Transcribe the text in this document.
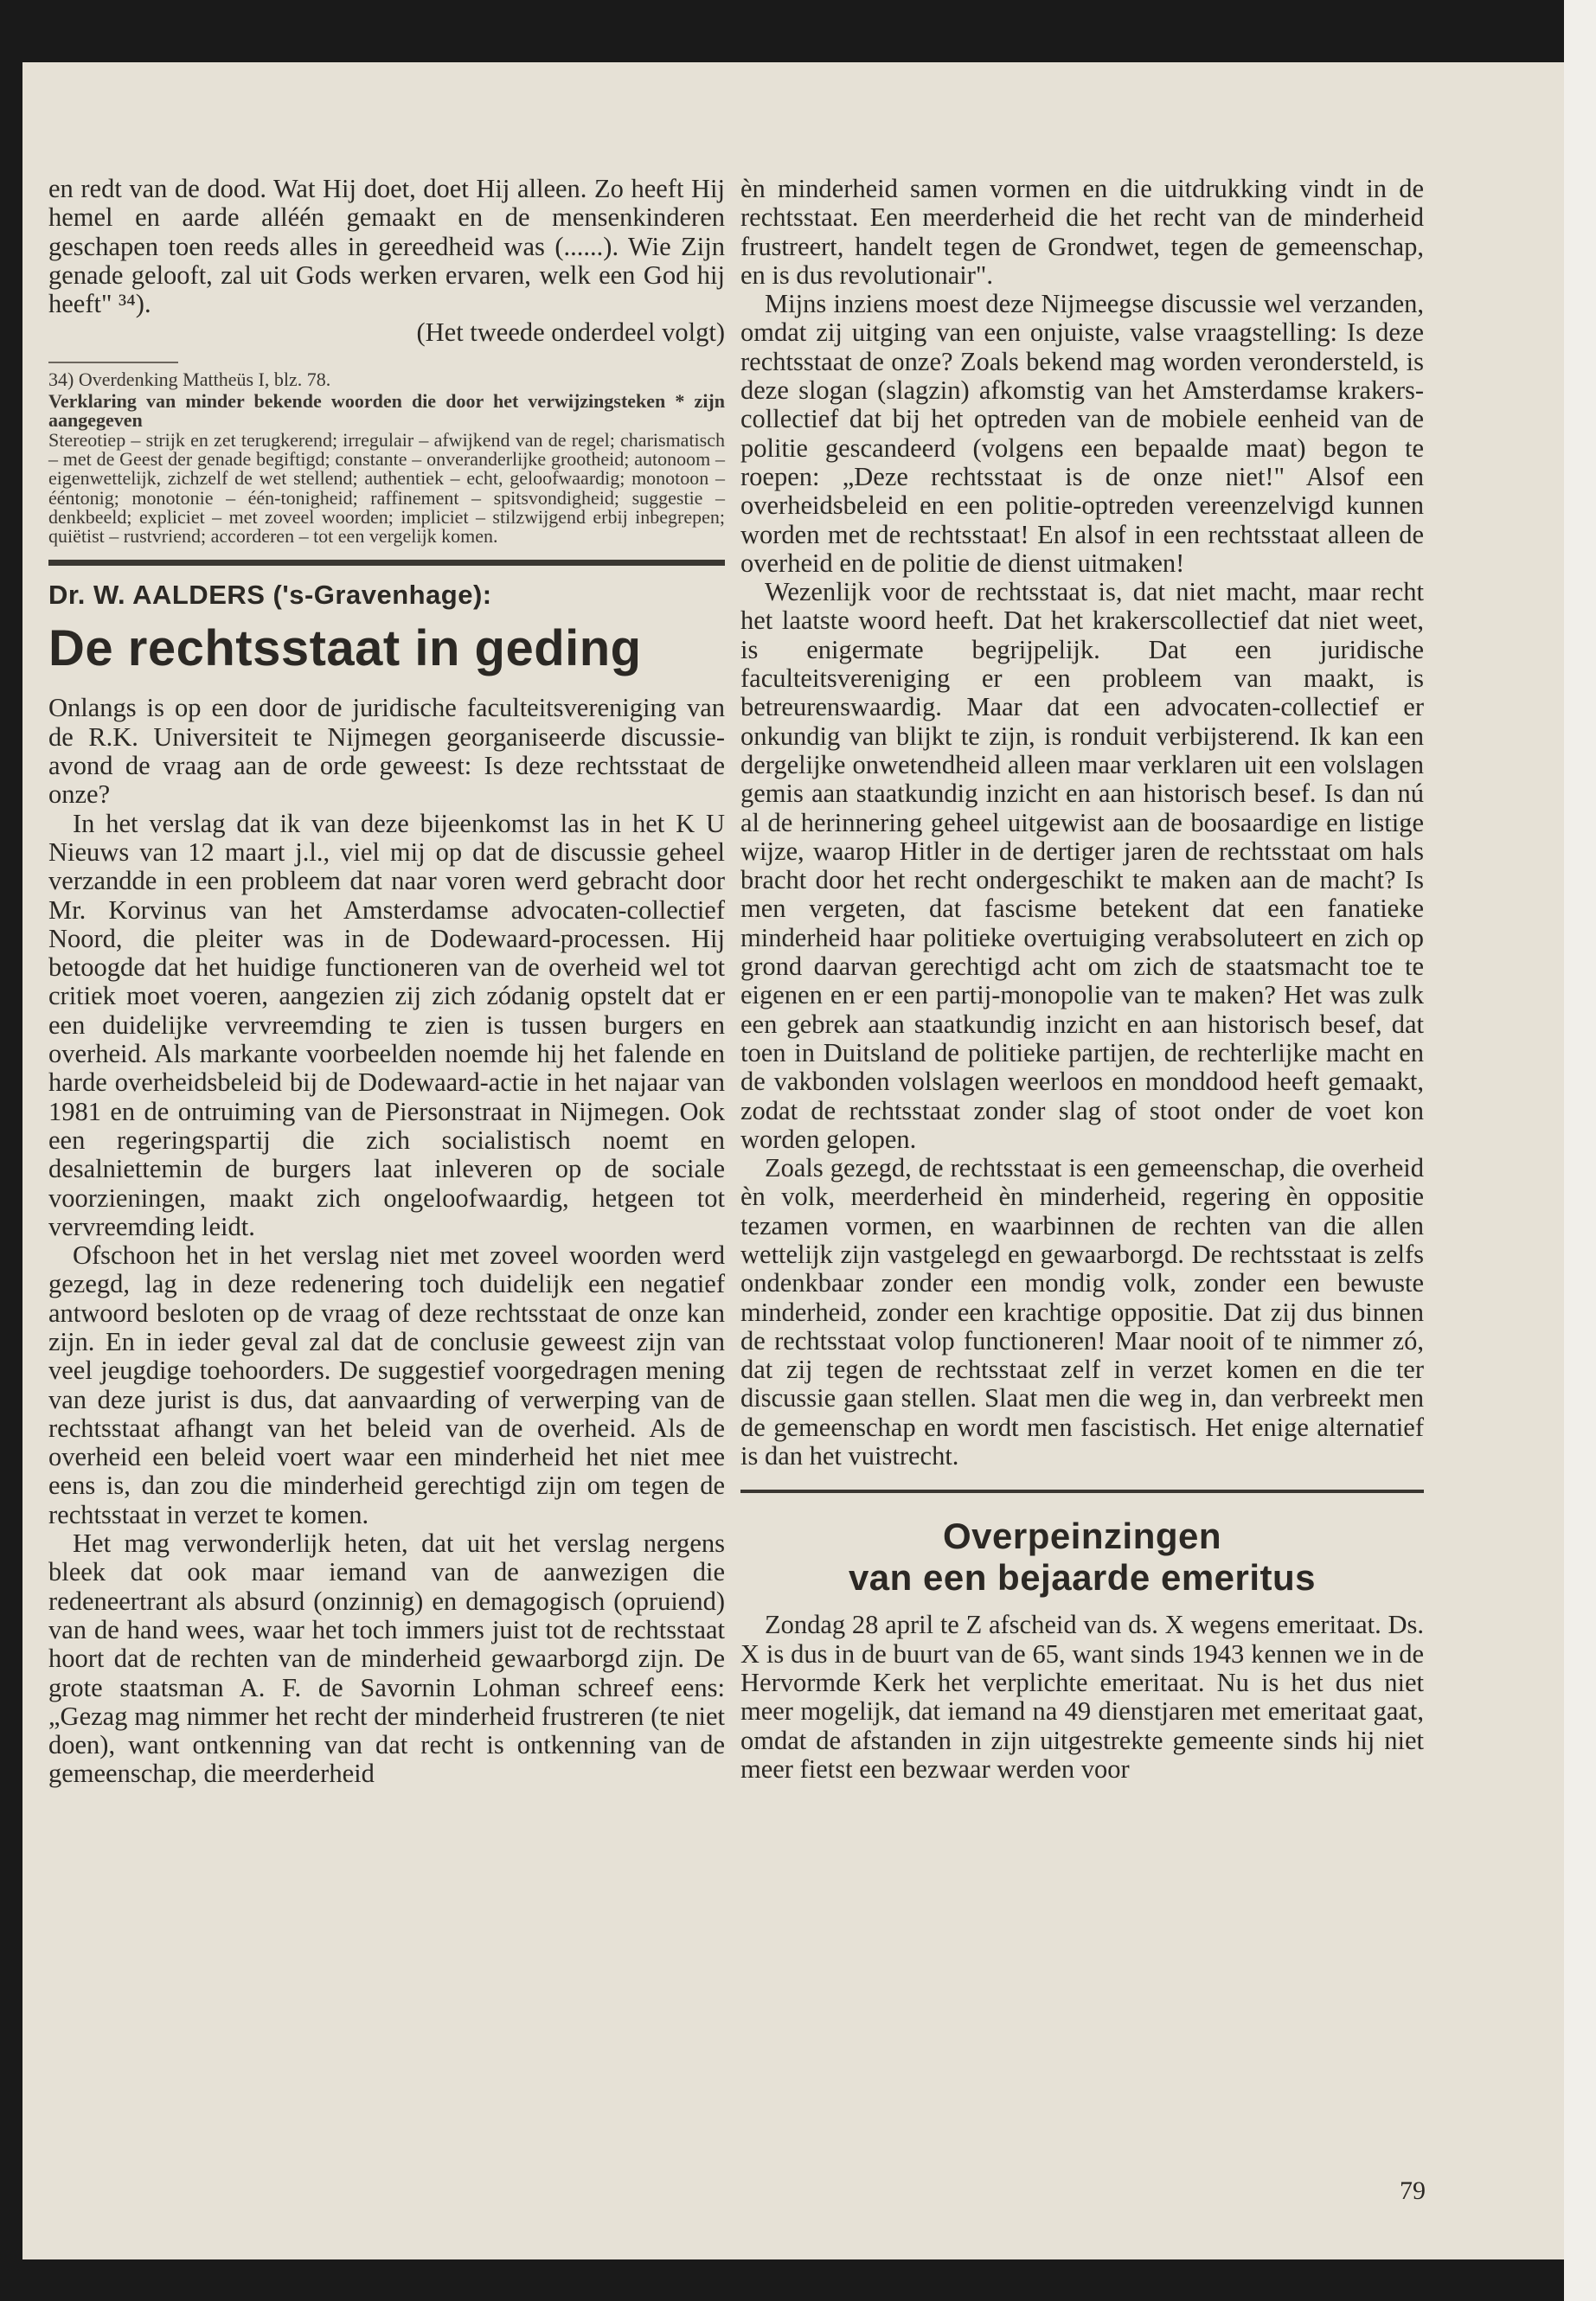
en redt van de dood. Wat Hij doet, doet Hij alleen. Zo heeft Hij hemel en aarde alléén gemaakt en de mensenkinderen geschapen toen reeds alles in gereedheid was (......). Wie Zijn genade gelooft, zal uit Gods werken ervaren, welk een God hij heeft" ³⁴).

(Het tweede onderdeel volgt)

34) Overdenking Mattheüs I, blz. 78.
Verklaring van minder bekende woorden die door het verwijzingsteken * zijn aangegeven
Stereotiep – strijk en zet terugkerend; irregulair – afwijkend van de regel; charismatisch – met de Geest der genade begiftigd; constante – onveranderlijke grootheid; autonoom – eigenwettelijk, zichzelf de wet stellend; authentiek – echt, geloofwaardig; monotoon – ééntonig; monotonie – één-tonigheid; raffinement – spitsvondigheid; suggestie – denkbeeld; expliciet – met zoveel woorden; impliciet – stilzwijgend erbij inbegrepen; quiëtist – rustvriend; accorderen – tot een vergelijk komen.
Dr. W. AALDERS ('s-Gravenhage):
De rechtsstaat in geding

Onlangs is op een door de juridische faculteitsvereniging van de R.K. Universiteit te Nijmegen georganiseerde discussie-avond de vraag aan de orde geweest: Is deze rechtsstaat de onze?

In het verslag dat ik van deze bijeenkomst las in het K U Nieuws van 12 maart j.l., viel mij op dat de discussie geheel verzandde in een probleem dat naar voren werd gebracht door Mr. Korvinus van het Amsterdamse advocaten-collectief Noord, die pleiter was in de Dodewaard-processen. Hij betoogde dat het huidige functioneren van de overheid wel tot critiek moet voeren, aangezien zij zich zódanig opstelt dat er een duidelijke vervreemding te zien is tussen burgers en overheid. Als markante voorbeelden noemde hij het falende en harde overheidsbeleid bij de Dodewaard-actie in het najaar van 1981 en de ontruiming van de Piersonstraat in Nijmegen. Ook een regeringspartij die zich socialistisch noemt en desalniettemin de burgers laat inleveren op de sociale voorzieningen, maakt zich ongeloofwaardig, hetgeen tot vervreemding leidt.

Ofschoon het in het verslag niet met zoveel woorden werd gezegd, lag in deze redenering toch duidelijk een negatief antwoord besloten op de vraag of deze rechtsstaat de onze kan zijn. En in ieder geval zal dat de conclusie geweest zijn van veel jeugdige toehoorders. De suggestief voorgedragen mening van deze jurist is dus, dat aanvaarding of verwerping van de rechtsstaat afhangt van het beleid van de overheid. Als de overheid een beleid voert waar een minderheid het niet mee eens is, dan zou die minderheid gerechtigd zijn om tegen de rechtsstaat in verzet te komen.

Het mag verwonderlijk heten, dat uit het verslag nergens bleek dat ook maar iemand van de aanwezigen die redeneertrant als absurd (onzinnig) en demagogisch (opruiend) van de hand wees, waar het toch immers juist tot de rechtsstaat hoort dat de rechten van de minderheid gewaarborgd zijn. De grote staatsman A. F. de Savornin Lohman schreef eens: „Gezag mag nimmer het recht der minderheid frustreren (te niet doen), want ontkenning van dat recht is ontkenning van de gemeenschap, die meerderheid

èn minderheid samen vormen en die uitdrukking vindt in de rechtsstaat. Een meerderheid die het recht van de minderheid frustreert, handelt tegen de Grondwet, tegen de gemeenschap, en is dus revolutionair".

Mijns inziens moest deze Nijmeegse discussie wel verzanden, omdat zij uitging van een onjuiste, valse vraagstelling: Is deze rechtsstaat de onze? Zoals bekend mag worden verondersteld, is deze slogan (slagzin) afkomstig van het Amsterdamse krakers-collectief dat bij het optreden van de mobiele eenheid van de politie gescandeerd (volgens een bepaalde maat) begon te roepen: „Deze rechtsstaat is de onze niet!" Alsof een overheidsbeleid en een politie-optreden vereenzelvigd kunnen worden met de rechtsstaat! En alsof in een rechtsstaat alleen de overheid en de politie de dienst uitmaken!

Wezenlijk voor de rechtsstaat is, dat niet macht, maar recht het laatste woord heeft. Dat het krakerscollectief dat niet weet, is enigermate begrijpelijk. Dat een juridische faculteitsvereniging er een probleem van maakt, is betreurenswaardig. Maar dat een advocaten-collectief er onkundig van blijkt te zijn, is ronduit verbijsterend. Ik kan een dergelijke onwetendheid alleen maar verklaren uit een volslagen gemis aan staatkundig inzicht en aan historisch besef. Is dan nú al de herinnering geheel uitgewist aan de boosaardige en listige wijze, waarop Hitler in de dertiger jaren de rechtsstaat om hals bracht door het recht ondergeschikt te maken aan de macht? Is men vergeten, dat fascisme betekent dat een fanatieke minderheid haar politieke overtuiging verabsoluteert en zich op grond daarvan gerechtigd acht om zich de staatsmacht toe te eigenen en er een partij-monopolie van te maken? Het was zulk een gebrek aan staatkundig inzicht en aan historisch besef, dat toen in Duitsland de politieke partijen, de rechterlijke macht en de vakbonden volslagen weerloos en monddood heeft gemaakt, zodat de rechtsstaat zonder slag of stoot onder de voet kon worden gelopen.

Zoals gezegd, de rechtsstaat is een gemeenschap, die overheid èn volk, meerderheid èn minderheid, regering èn oppositie tezamen vormen, en waarbinnen de rechten van die allen wettelijk zijn vastgelegd en gewaarborgd. De rechtsstaat is zelfs ondenkbaar zonder een mondig volk, zonder een bewuste minderheid, zonder een krachtige oppositie. Dat zij dus binnen de rechtsstaat volop functioneren! Maar nooit of te nimmer zó, dat zij tegen de rechtsstaat zelf in verzet komen en die ter discussie gaan stellen. Slaat men die weg in, dan verbreekt men de gemeenschap en wordt men fascistisch. Het enige alternatief is dan het vuistrecht.

Overpeinzingen
van een bejaarde emeritus

Zondag 28 april te Z afscheid van ds. X wegens emeritaat. Ds. X is dus in de buurt van de 65, want sinds 1943 kennen we in de Hervormde Kerk het verplichte emeritaat. Nu is het dus niet meer mogelijk, dat iemand na 49 dienstjaren met emeritaat gaat, omdat de afstanden in zijn uitgestrekte gemeente sinds hij niet meer fietst een bezwaar werden voor

79
